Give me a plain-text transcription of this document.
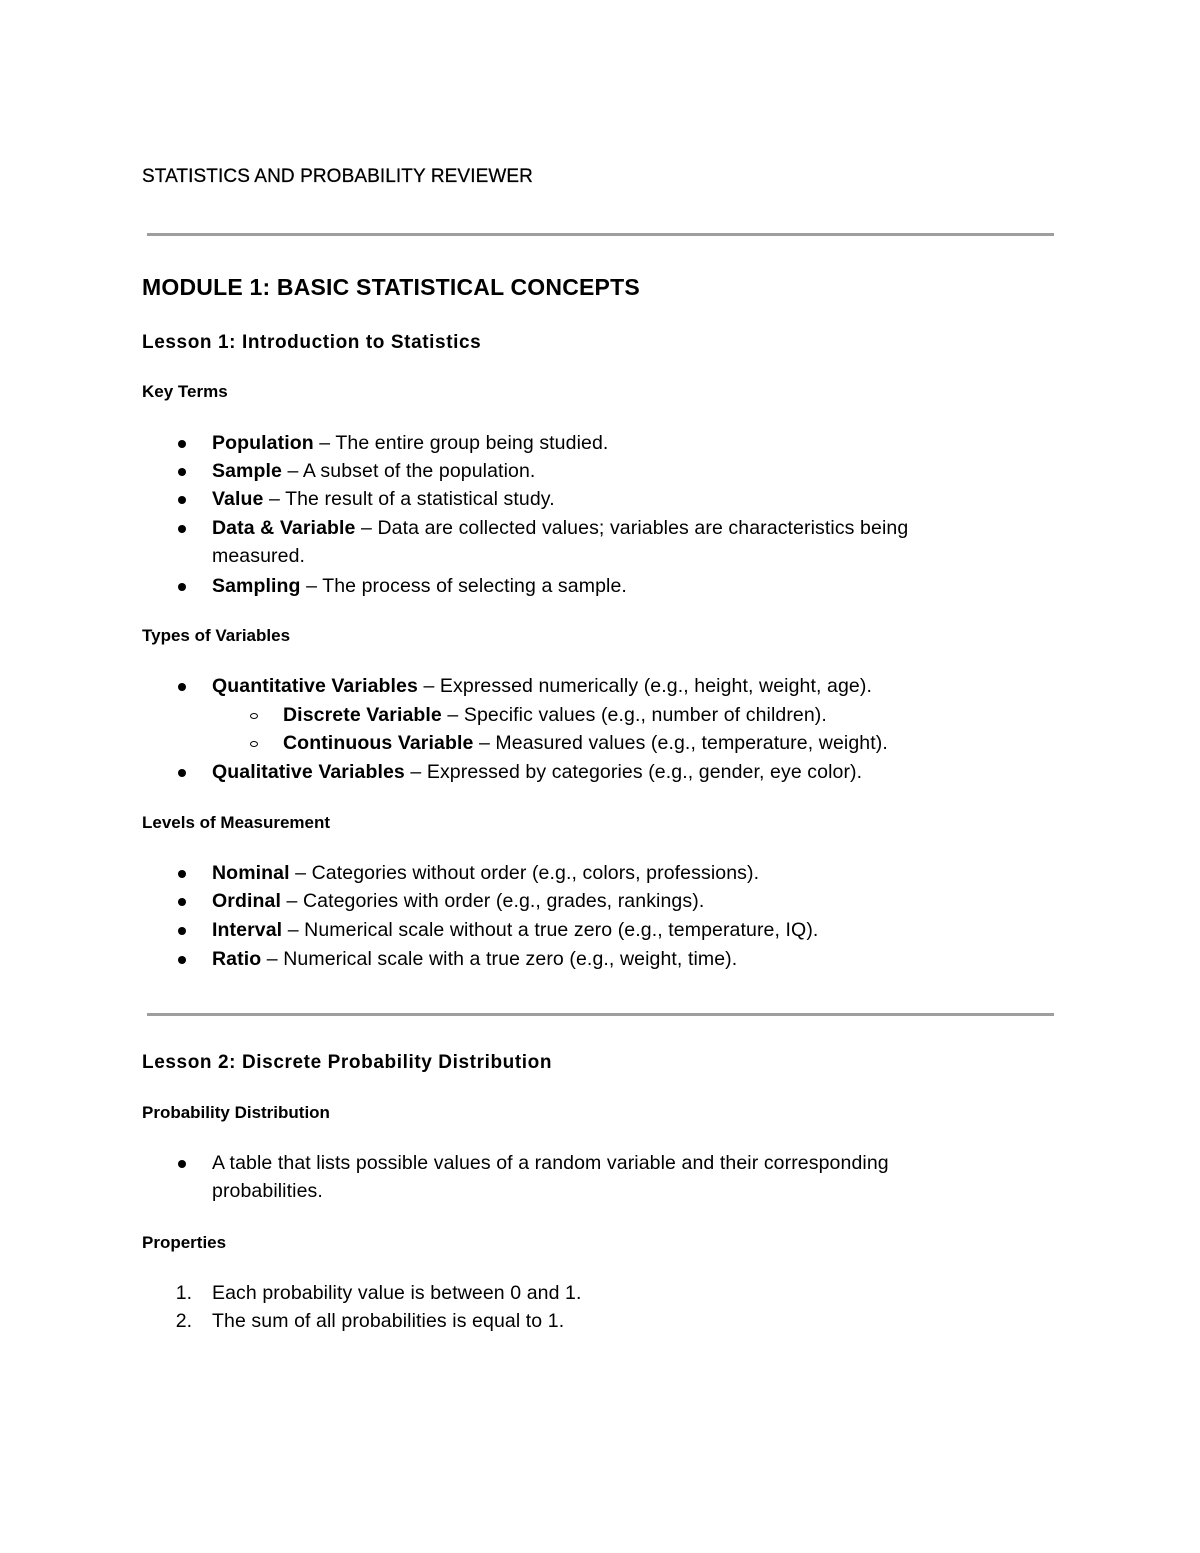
STATISTICS AND PROBABILITY REVIEWER
MODULE 1: BASIC STATISTICAL CONCEPTS
Lesson 1: Introduction to Statistics
Key Terms
Population – The entire group being studied.
Sample – A subset of the population.
Value – The result of a statistical study.
Data & Variable – Data are collected values; variables are characteristics being
measured.
Sampling – The process of selecting a sample.
Types of Variables
Quantitative Variables – Expressed numerically (e.g., height, weight, age).
Discrete Variable – Specific values (e.g., number of children).
Continuous Variable – Measured values (e.g., temperature, weight).
Qualitative Variables – Expressed by categories (e.g., gender, eye color).
Levels of Measurement
Nominal – Categories without order (e.g., colors, professions).
Ordinal – Categories with order (e.g., grades, rankings).
Interval – Numerical scale without a true zero (e.g., temperature, IQ).
Ratio – Numerical scale with a true zero (e.g., weight, time).
Lesson 2: Discrete Probability Distribution
Probability Distribution
A table that lists possible values of a random variable and their corresponding
probabilities.
Properties
1. Each probability value is between 0 and 1.
2. The sum of all probabilities is equal to 1.
